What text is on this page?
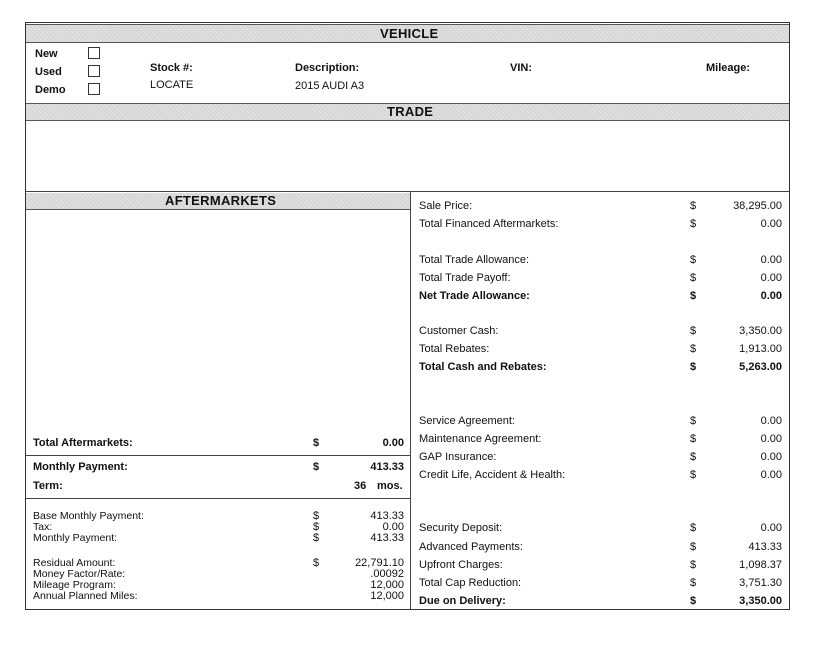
VEHICLE
New
Used
Demo
Stock #:
LOCATE
Description:
2015 AUDI A3
VIN:	Mileage:
TRADE
AFTERMARKETS
Total Aftermarkets:	$	0.00
Monthly Payment:	$	413.33
Term:	36 mos.
Base Monthly Payment:	$	413.33
Tax:	$	0.00
Monthly Payment:	$	413.33
Residual Amount:	$	22,791.10
Money Factor/Rate:	.00092
Mileage Program:	12,000
Annual Planned Miles:	12,000
Sale Price:	$	38,295.00
Total Financed Aftermarkets:	$	0.00
Total Trade Allowance:	$	0.00
Total Trade Payoff:	$	0.00
Net Trade Allowance:	$	0.00
Customer Cash:	$	3,350.00
Total Rebates:	$	1,913.00
Total Cash and Rebates:	$	5,263.00
Service Agreement:	$	0.00
Maintenance Agreement:	$	0.00
GAP Insurance:	$	0.00
Credit Life, Accident & Health:	$	0.00
Security Deposit:	$	0.00
Advanced Payments:	$	413.33
Upfront Charges:	$	1,098.37
Total Cap Reduction:	$	3,751.30
Due on Delivery:	$	3,350.00
